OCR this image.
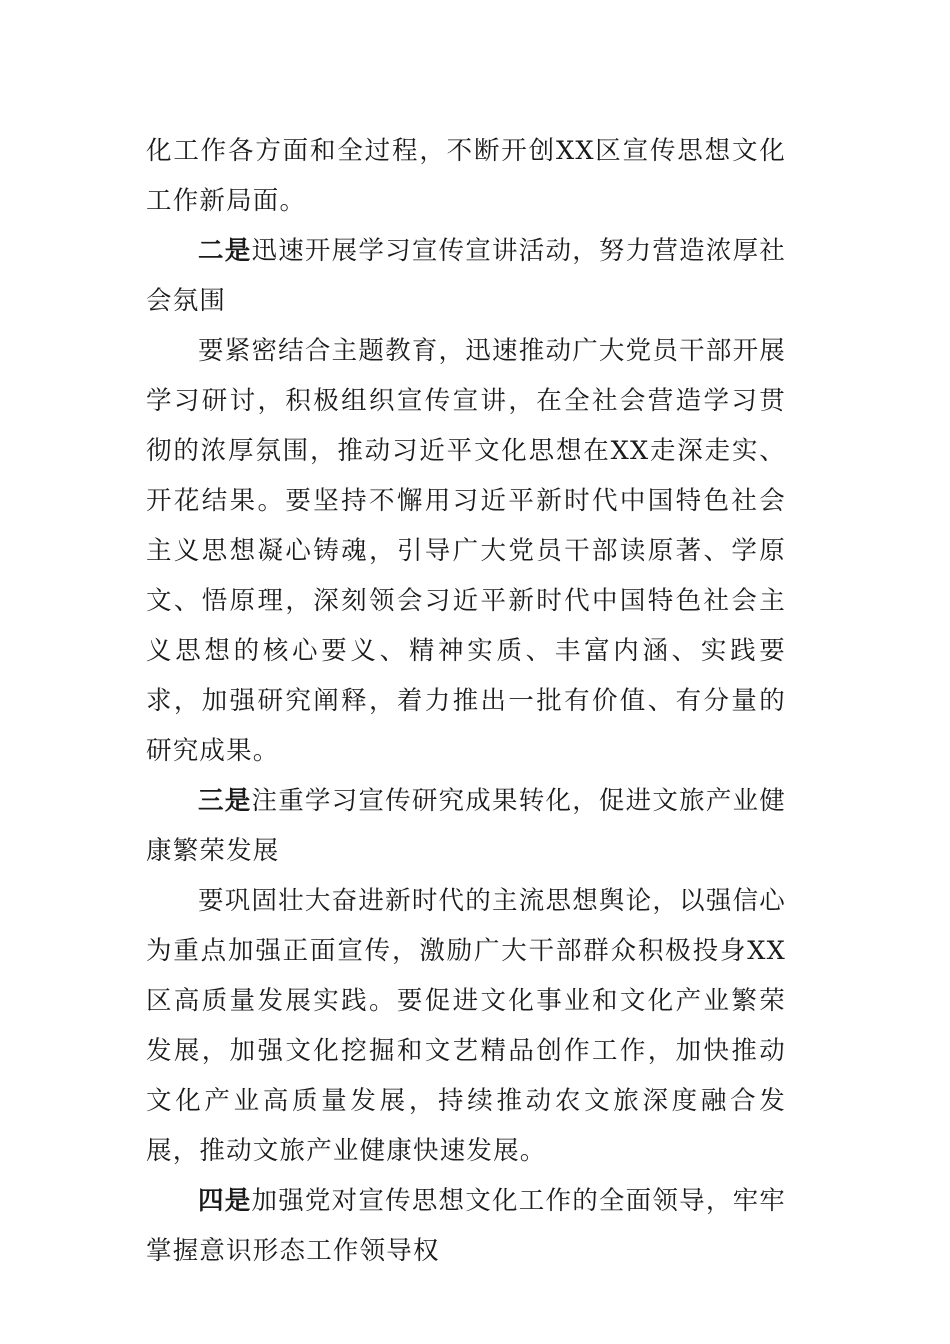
化工作各方面和全过程，不断开创XX区宣传思想文化工作新局面。

二是迅速开展学习宣传宣讲活动，努力营造浓厚社会氛围

要紧密结合主题教育，迅速推动广大党员干部开展学习研讨，积极组织宣传宣讲，在全社会营造学习贯彻的浓厚氛围，推动习近平文化思想在XX走深走实、开花结果。要坚持不懈用习近平新时代中国特色社会主义思想凝心铸魂，引导广大党员干部读原著、学原文、悟原理，深刻领会习近平新时代中国特色社会主义思想的核心要义、精神实质、丰富内涵、实践要求，加强研究阐释，着力推出一批有价值、有分量的研究成果。

三是注重学习宣传研究成果转化，促进文旅产业健康繁荣发展

要巩固壮大奋进新时代的主流思想舆论，以强信心为重点加强正面宣传，激励广大干部群众积极投身XX区高质量发展实践。要促进文化事业和文化产业繁荣发展，加强文化挖掘和文艺精品创作工作，加快推动文化产业高质量发展，持续推动农文旅深度融合发展，推动文旅产业健康快速发展。

四是加强党对宣传思想文化工作的全面领导，牢牢掌握意识形态工作领导权
